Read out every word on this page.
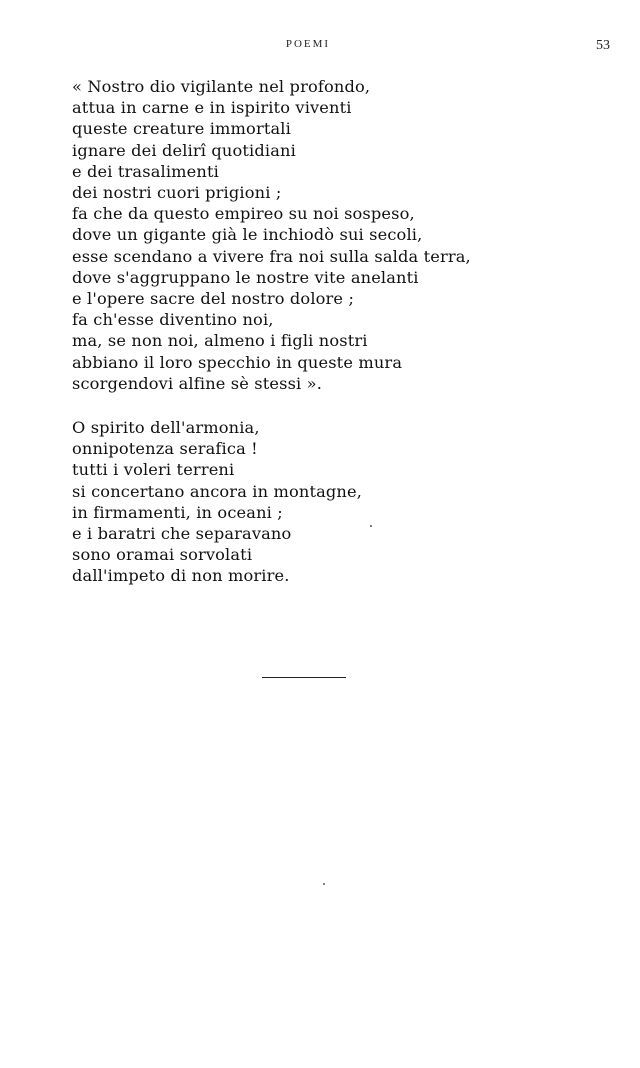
POEMI	53
« Nostro dio vigilante nel profondo,
attua in carne e in ispirito viventi
queste creature immortali
ignare dei delirî quotidiani
e dei trasalimenti
dei nostri cuori prigioni ;
fa che da questo empireo su noi sospeso,
dove un gigante già le inchiodò sui secoli,
esse scendano a vivere fra noi sulla salda terra,
dove s'aggruppano le nostre vite anelanti
e l'opere sacre del nostro dolore ;
fa ch'esse diventino noi,
ma, se non noi, almeno i figli nostri
abbiano il loro specchio in queste mura
scorgendovi alfine sè stessi ».
O spirito dell'armonia,
onnipotenza serafica !
tutti i voleri terreni
si concertano ancora in montagne,
in firmamenti, in oceani ;
e i baratri che separavano
sono oramai sorvolati
dall'impeto di non morire.
